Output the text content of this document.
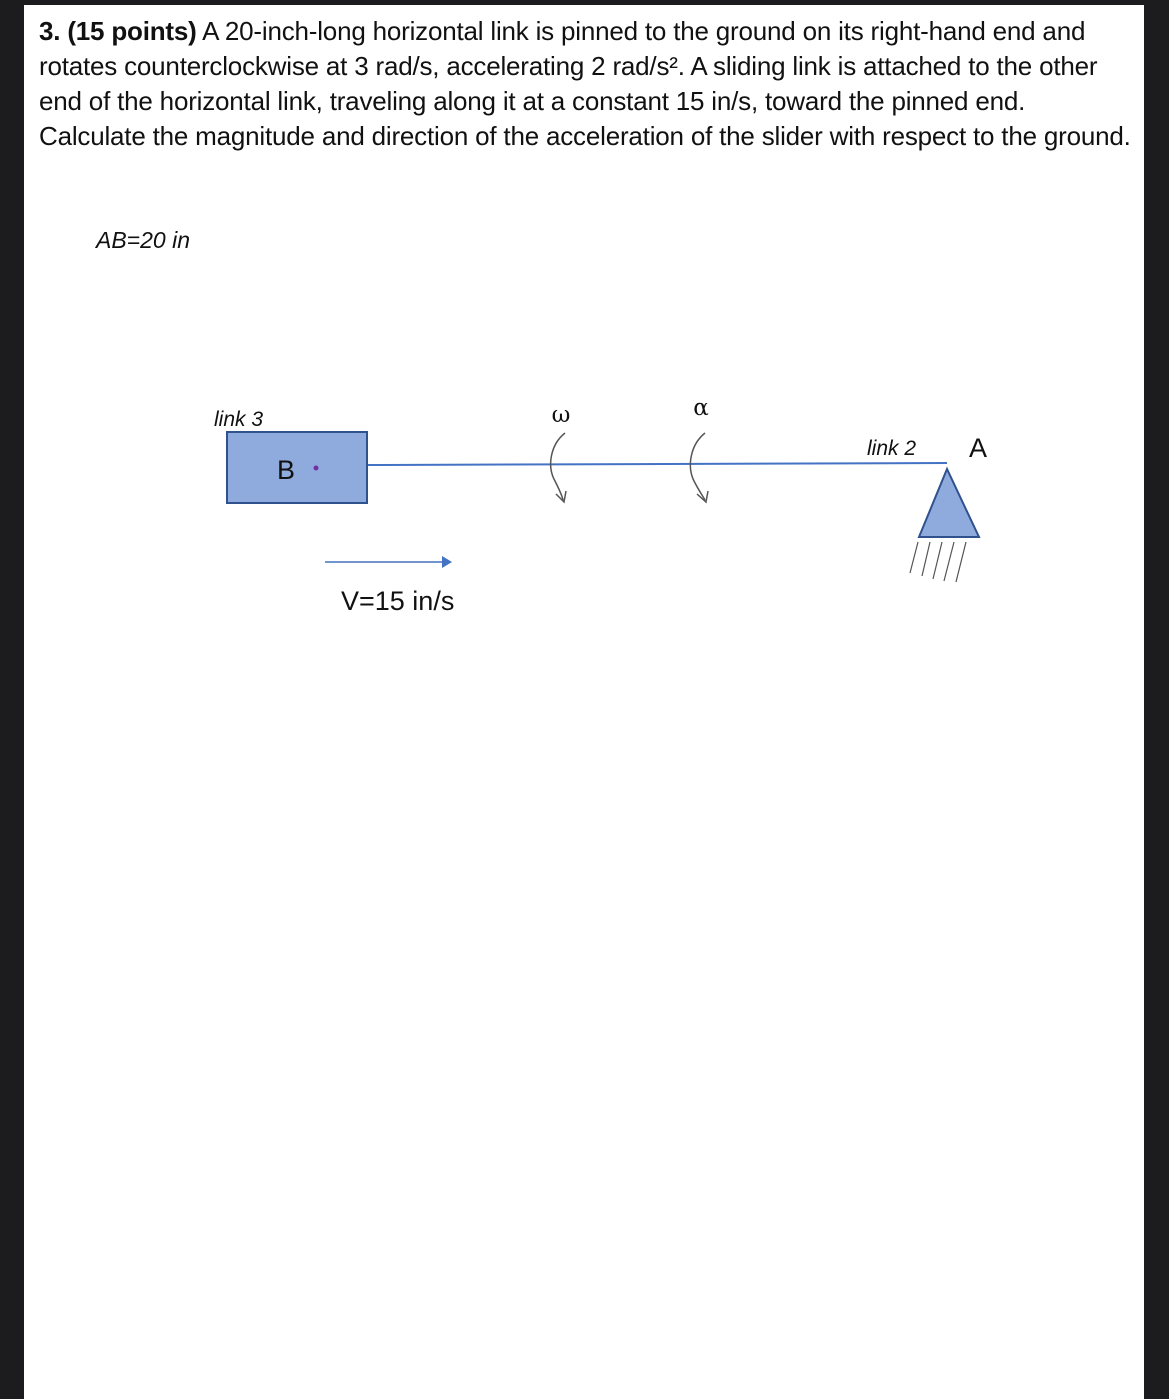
3. (15 points) A 20-inch-long horizontal link is pinned to the ground on its right-hand end and rotates counterclockwise at 3 rad/s, accelerating 2 rad/s². A sliding link is attached to the other end of the horizontal link, traveling along it at a constant 15 in/s, toward the pinned end. Calculate the magnitude and direction of the acceleration of the slider with respect to the ground.

AB=20 in
link 3
B
ω	α
link 2 A
V=15 in/s
